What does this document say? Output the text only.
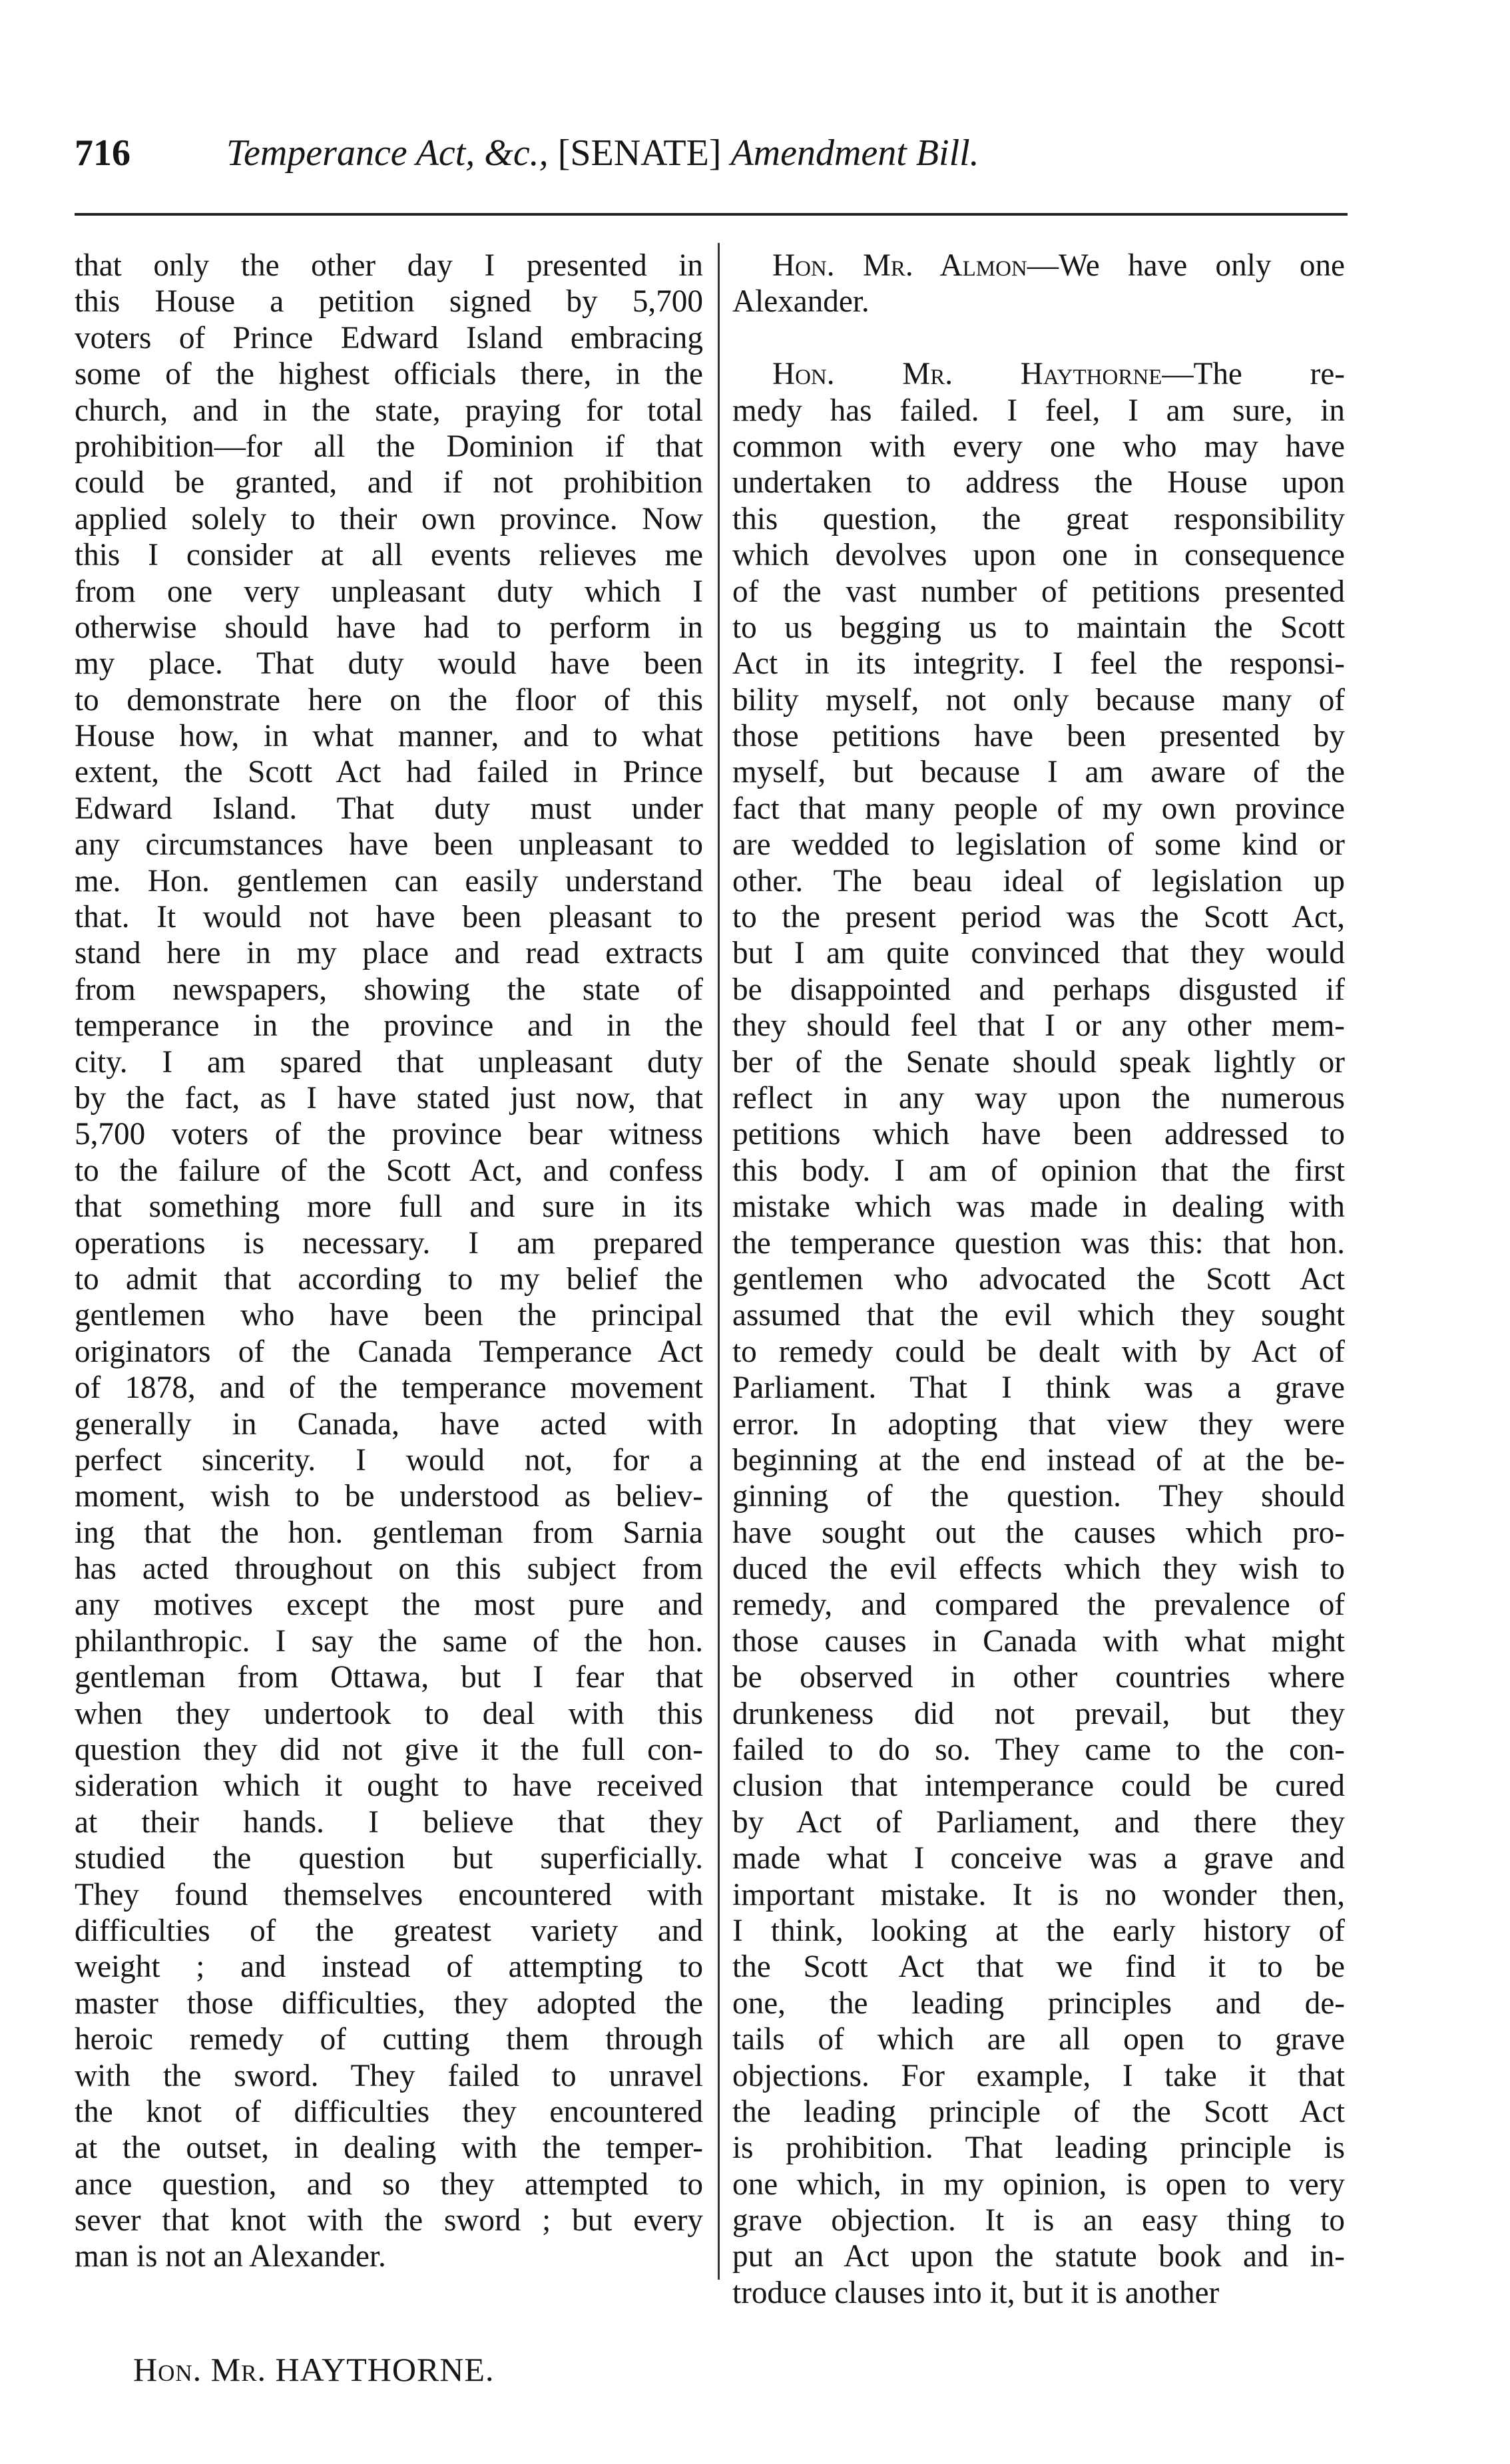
716	Temperance Act, &c., [SENATE] Amendment Bill.
that only the other day I presented in
this House a petition signed by 5,700
voters of Prince Edward Island embracing
some of the highest officials there, in the
church, and in the state, praying for total
prohibition—for all the Dominion if that
could be granted, and if not prohibition
applied solely to their own province. Now
this I consider at all events relieves me
from one very unpleasant duty which I
otherwise should have had to perform in
my place. That duty would have been
to demonstrate here on the floor of this
House how, in what manner, and to what
extent, the Scott Act had failed in Prince
Edward Island. That duty must under
any circumstances have been unpleasant to
me. Hon. gentlemen can easily understand
that. It would not have been pleasant to
stand here in my place and read extracts
from newspapers, showing the state of
temperance in the province and in the
city. I am spared that unpleasant duty
by the fact, as I have stated just now, that
5,700 voters of the province bear witness
to the failure of the Scott Act, and confess
that something more full and sure in its
operations is necessary. I am prepared
to admit that according to my belief the
gentlemen who have been the principal
originators of the Canada Temperance Act
of 1878, and of the temperance movement
generally in Canada, have acted with
perfect sincerity. I would not, for a
moment, wish to be understood as believ-
ing that the hon. gentleman from Sarnia
has acted throughout on this subject from
any motives except the most pure and
philanthropic. I say the same of the hon.
gentleman from Ottawa, but I fear that
when they undertook to deal with this
question they did not give it the full con-
sideration which it ought to have received
at their hands. I believe that they
studied the question but superficially.
They found themselves encountered with
difficulties of the greatest variety and
weight ; and instead of attempting to
master those difficulties, they adopted the
heroic remedy of cutting them through
with the sword. They failed to unravel
the knot of difficulties they encountered
at the outset, in dealing with the temper-
ance question, and so they attempted to
sever that knot with the sword ; but every
man is not an Alexander.
Hon. Mr. Almon—We have only one
Alexander.
Hon. Mr. Haythorne—The re-
medy has failed. I feel, I am sure, in
common with every one who may have
undertaken to address the House upon
this question, the great responsibility
which devolves upon one in consequence
of the vast number of petitions presented
to us begging us to maintain the Scott
Act in its integrity. I feel the responsi-
bility myself, not only because many of
those petitions have been presented by
myself, but because I am aware of the
fact that many people of my own province
are wedded to legislation of some kind or
other. The beau ideal of legislation up
to the present period was the Scott Act,
but I am quite convinced that they would
be disappointed and perhaps disgusted if
they should feel that I or any other mem-
ber of the Senate should speak lightly or
reflect in any way upon the numerous
petitions which have been addressed to
this body. I am of opinion that the first
mistake which was made in dealing with
the temperance question was this: that hon.
gentlemen who advocated the Scott Act
assumed that the evil which they sought
to remedy could be dealt with by Act of
Parliament. That I think was a grave
error. In adopting that view they were
beginning at the end instead of at the be-
ginning of the question. They should
have sought out the causes which pro-
duced the evil effects which they wish to
remedy, and compared the prevalence of
those causes in Canada with what might
be observed in other countries where
drunkeness did not prevail, but they
failed to do so. They came to the con-
clusion that intemperance could be cured
by Act of Parliament, and there they
made what I conceive was a grave and
important mistake. It is no wonder then,
I think, looking at the early history of
the Scott Act that we find it to be
one, the leading principles and de-
tails of which are all open to grave
objections. For example, I take it that
the leading principle of the Scott Act
is prohibition. That leading principle is
one which, in my opinion, is open to very
grave objection. It is an easy thing to
put an Act upon the statute book and in-
troduce clauses into it, but it is another
Hon. Mr. HAYTHORNE.
